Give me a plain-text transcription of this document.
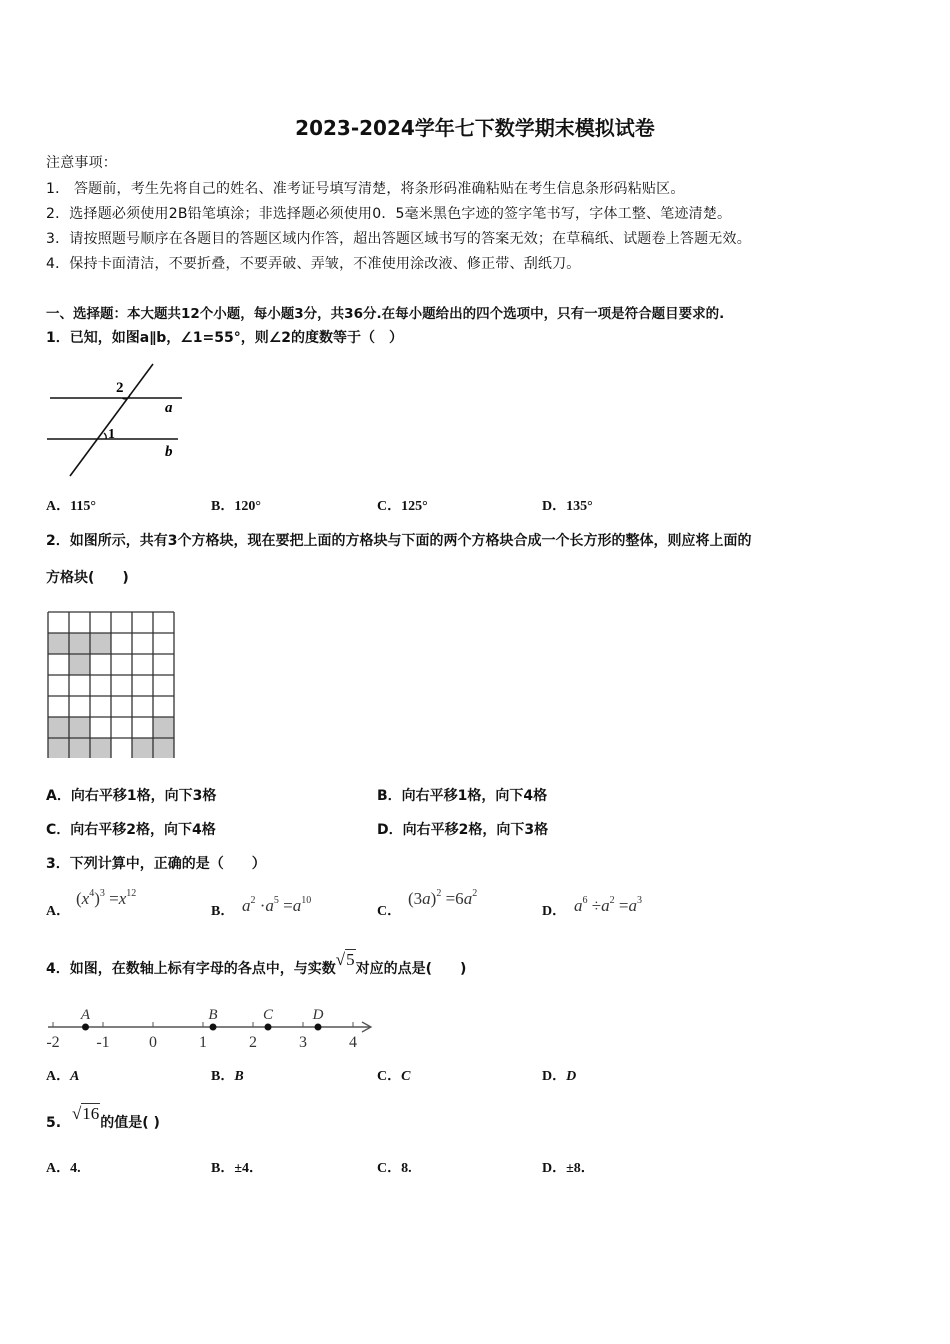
2023-2024学年七下数学期末模拟试卷
注意事项：
1． 答题前，考生先将自己的姓名、准考证号填写清楚，将条形码准确粘贴在考生信息条形码粘贴区。
2．选择题必须使用2B铅笔填涂；非选择题必须使用0．5毫米黑色字迹的签字笔书写，字体工整、笔迹清楚。
3．请按照题号顺序在各题目的答题区域内作答，超出答题区域书写的答案无效；在草稿纸、试题卷上答题无效。
4．保持卡面清洁，不要折叠，不要弄破、弄皱，不准使用涂改液、修正带、刮纸刀。
一、选择题：本大题共12个小题，每小题3分，共36分.在每小题给出的四个选项中，只有一项是符合题目要求的.
1．已知，如图a∥b，∠1=55°，则∠2的度数等于（　）
2
1
a
b
A．115°	B．120°	C．125°	D．135°
2．如图所示，共有3个方格块，现在要把上面的方格块与下面的两个方格块合成一个长方形的整体，则应将上面的
方格块(　　)
A．向右平移1格，向下3格	B．向右平移1格，向下4格
C．向右平移2格，向下4格	D．向右平移2格，向下3格
3．下列计算中，正确的是（　　）
A．
$(x^4)^3 =x^{12}$
B． $a^2 \cdot a^5 =a^{10}$
C．
$(3a)^2 =6a^2$
D． $a^6 \div a^2 =a^3$
4．如图，在数轴上标有字母的各点中，与实数√5对应的点是(　　)
-2 -1 0	1	2	3	4
A	B	C	D
A．A	B．B	C．C	D．D
5. √16的值是( )
A．4.	B．±4．	C．8.	D．±8．
